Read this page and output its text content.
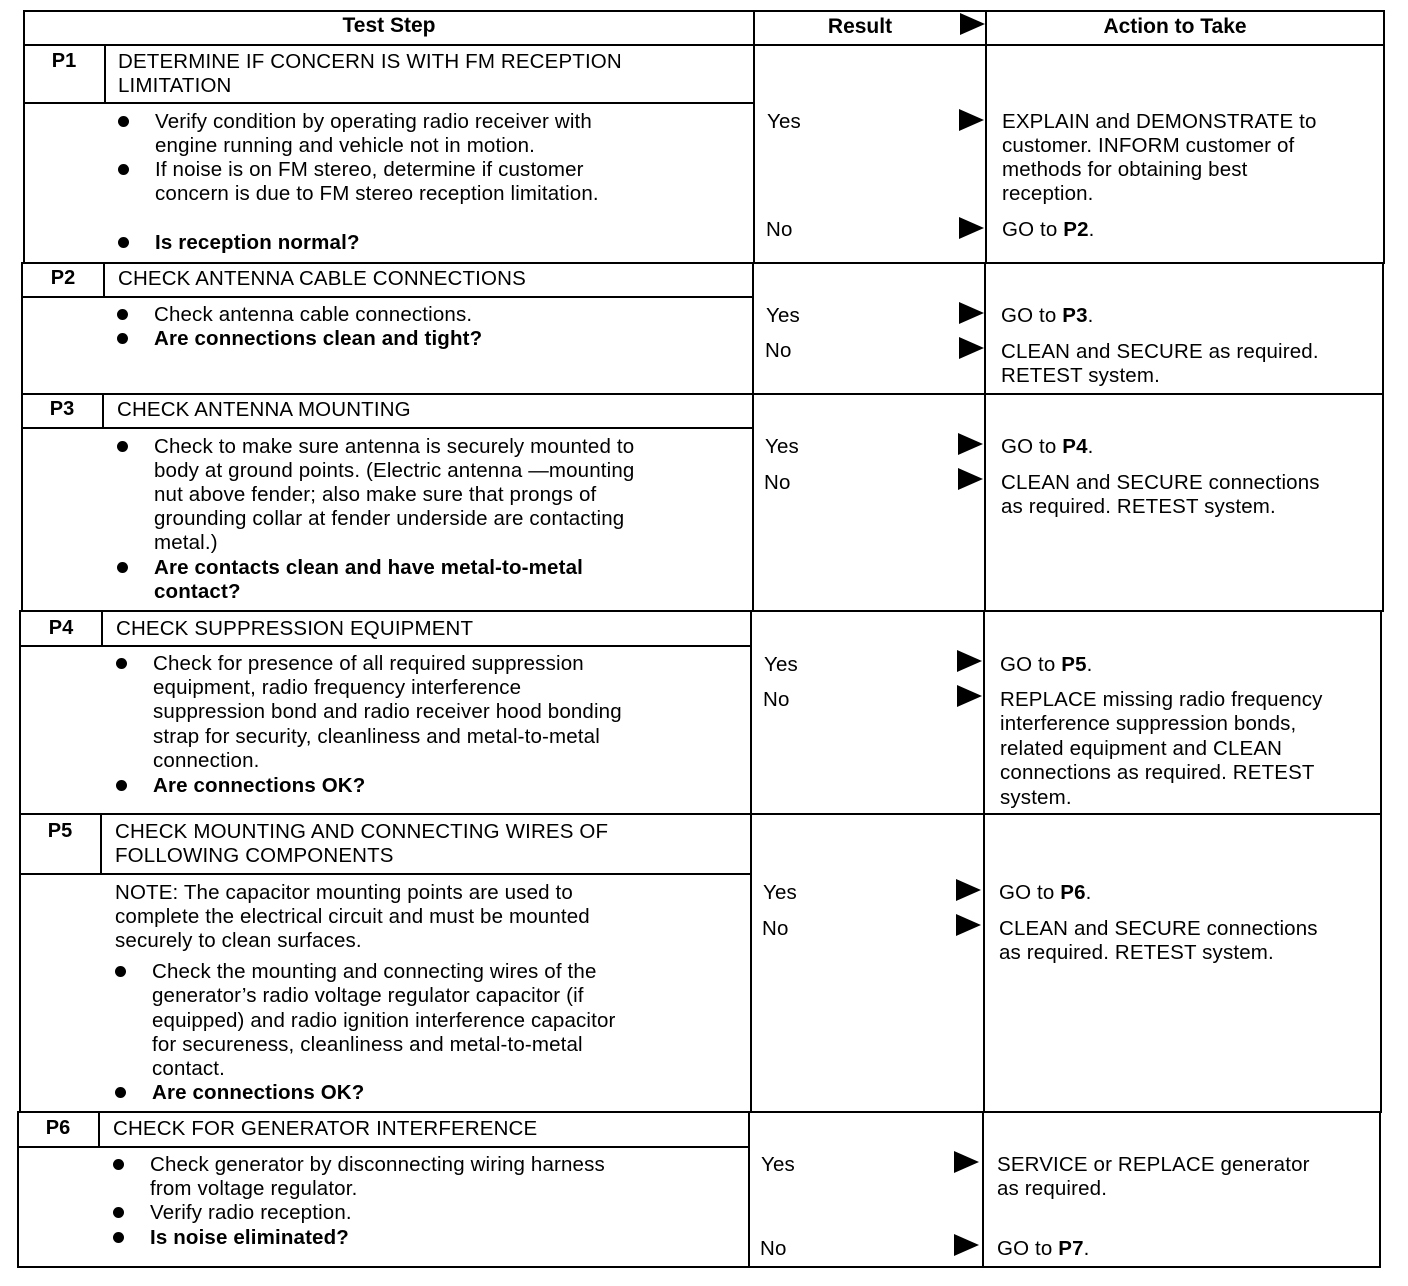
Test Step	Result	Action to Take
P1	DETERMINE IF CONCERN IS WITH FM RECEPTION
LIMITATION
Verify condition by operating radio receiver with
engine running and vehicle not in motion.
If noise is on FM stereo, determine if customer
concern is due to FM stereo reception limitation.
Is reception normal?
Yes	EXPLAIN and DEMONSTRATE to
customer. INFORM customer of
methods for obtaining best
reception.
No	GO to P2.
P2	CHECK ANTENNA CABLE CONNECTIONS
Check antenna cable connections.
Are connections clean and tight?
Yes	GO to P3.
No	CLEAN and SECURE as required.
RETEST system.
P3	CHECK ANTENNA MOUNTING
Check to make sure antenna is securely mounted to
body at ground points. (Electric antenna —mounting
nut above fender; also make sure that prongs of
grounding collar at fender underside are contacting
metal.)
Are contacts clean and have metal-to-metal
contact?
Yes	GO to P4.
No	CLEAN and SECURE connections
as required. RETEST system.
P4	CHECK SUPPRESSION EQUIPMENT
Check for presence of all required suppression
equipment, radio frequency interference
suppression bond and radio receiver hood bonding
strap for security, cleanliness and metal-to-metal
connection.
Are connections OK?
Yes	GO to P5.
No	REPLACE missing radio frequency
interference suppression bonds,
related equipment and CLEAN
connections as required. RETEST
system.
P5	CHECK MOUNTING AND CONNECTING WIRES OF
FOLLOWING COMPONENTS
NOTE: The capacitor mounting points are used to
complete the electrical circuit and must be mounted
securely to clean surfaces.
Check the mounting and connecting wires of the
generator’s radio voltage regulator capacitor (if
equipped) and radio ignition interference capacitor
for secureness, cleanliness and metal-to-metal
contact.
Are connections OK?
Yes	GO to P6.
No	CLEAN and SECURE connections
as required. RETEST system.
P6	CHECK FOR GENERATOR INTERFERENCE
Check generator by disconnecting wiring harness
from voltage regulator.
Verify radio reception.
Is noise eliminated?
Yes	SERVICE or REPLACE generator
as required.
No	GO to P7.
